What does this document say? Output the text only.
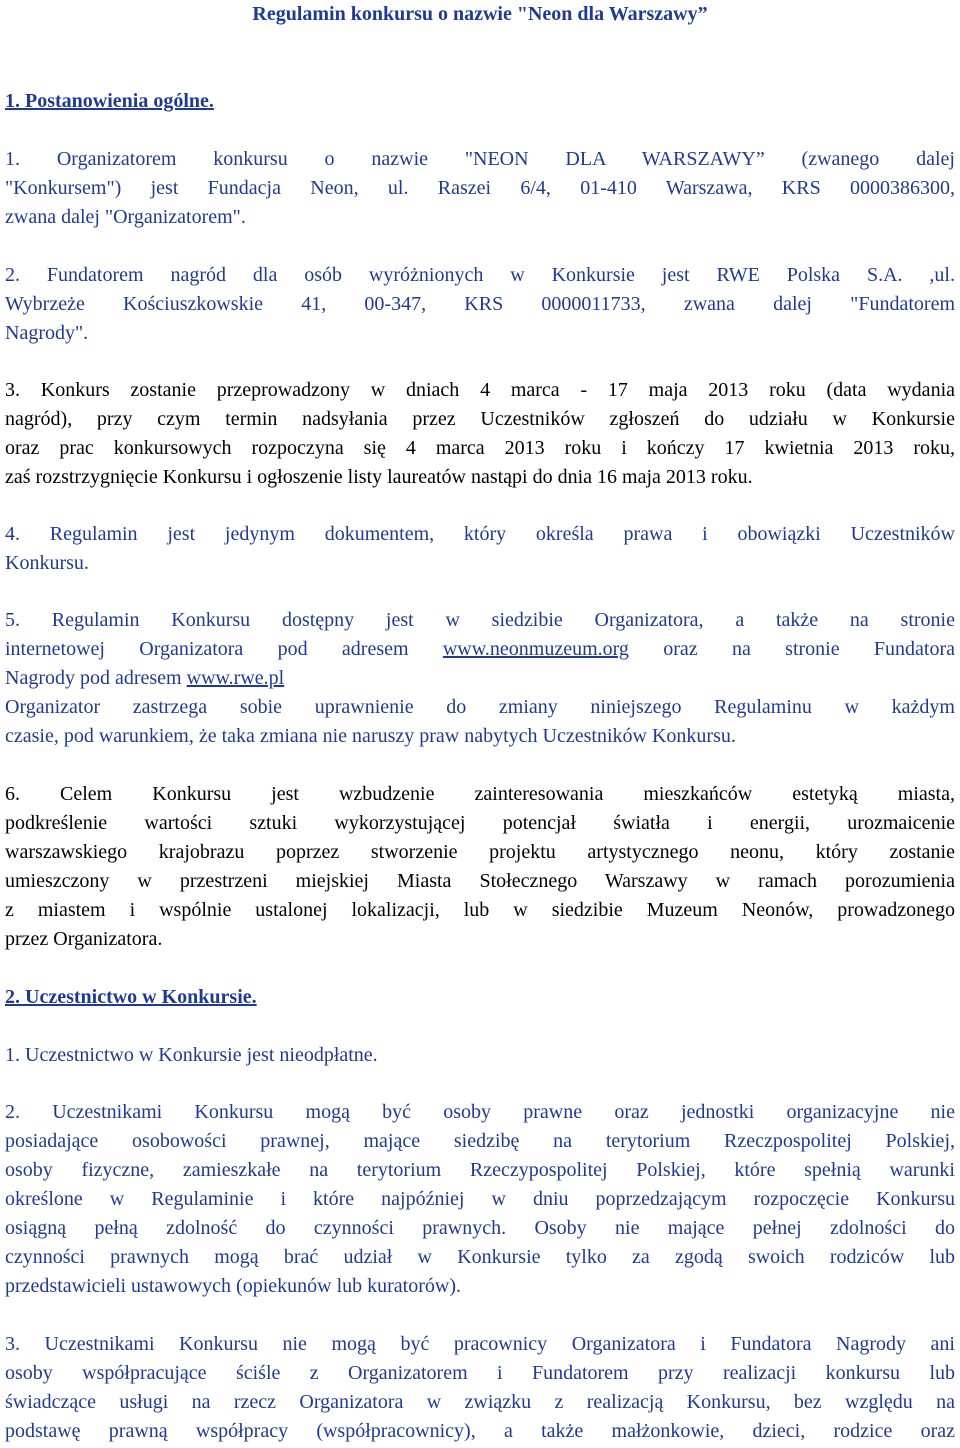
Regulamin konkursu o nazwie "Neon dla Warszawy”
1. Postanowienia ogólne.
1. Organizatorem konkursu o nazwie "NEON DLA WARSZAWY” (zwanego dalej
"Konkursem") jest Fundacja Neon, ul. Raszei 6/4, 01-410 Warszawa, KRS 0000386300,
zwana dalej "Organizatorem".
2. Fundatorem nagród dla osób wyróżnionych w Konkursie jest RWE Polska S.A. ,ul.
Wybrzeże Kościuszkowskie 41, 00-347, KRS 0000011733, zwana dalej "Fundatorem
Nagrody".
3. Konkurs zostanie przeprowadzony w dniach 4 marca - 17 maja 2013 roku (data wydania
nagród), przy czym termin nadsyłania przez Uczestników zgłoszeń do udziału w Konkursie
oraz prac konkursowych rozpoczyna się 4 marca 2013 roku i kończy 17 kwietnia 2013 roku,
zaś rozstrzygnięcie Konkursu i ogłoszenie listy laureatów nastąpi do dnia 16 maja 2013 roku.
4. Regulamin jest jedynym dokumentem, który określa prawa i obowiązki Uczestników
Konkursu.
5. Regulamin Konkursu dostępny jest w siedzibie Organizatora, a także na stronie
internetowej Organizatora pod adresem www.neonmuzeum.org oraz na stronie Fundatora
Nagrody pod adresem www.rwe.pl
Organizator zastrzega sobie uprawnienie do zmiany niniejszego Regulaminu w każdym
czasie, pod warunkiem, że taka zmiana nie naruszy praw nabytych Uczestników Konkursu.
6. Celem Konkursu jest wzbudzenie zainteresowania mieszkańców estetyką miasta,
podkreślenie wartości sztuki wykorzystującej potencjał światła i energii, urozmaicenie
warszawskiego krajobrazu poprzez stworzenie projektu artystycznego neonu, który zostanie
umieszczony w przestrzeni miejskiej Miasta Stołecznego Warszawy w ramach porozumienia
z miastem i wspólnie ustalonej lokalizacji, lub w siedzibie Muzeum Neonów, prowadzonego
przez Organizatora.
2. Uczestnictwo w Konkursie.
1. Uczestnictwo w Konkursie jest nieodpłatne.
2. Uczestnikami Konkursu mogą być osoby prawne oraz jednostki organizacyjne nie
posiadające osobowości prawnej, mające siedzibę na terytorium Rzeczpospolitej Polskiej,
osoby fizyczne, zamieszkałe na terytorium Rzeczypospolitej Polskiej, które spełnią warunki
określone w Regulaminie i które najpóźniej w dniu poprzedzającym rozpoczęcie Konkursu
osiągną pełną zdolność do czynności prawnych. Osoby nie mające pełnej zdolności do
czynności prawnych mogą brać udział w Konkursie tylko za zgodą swoich rodziców lub
przedstawicieli ustawowych (opiekunów lub kuratorów).
3. Uczestnikami Konkursu nie mogą być pracownicy Organizatora i Fundatora Nagrody ani
osoby współpracujące ściśle z Organizatorem i Fundatorem przy realizacji konkursu lub
świadczące usługi na rzecz Organizatora w związku z realizacją Konkursu, bez względu na
podstawę prawną współpracy (współpracownicy), a także małżonkowie, dzieci, rodzice oraz
